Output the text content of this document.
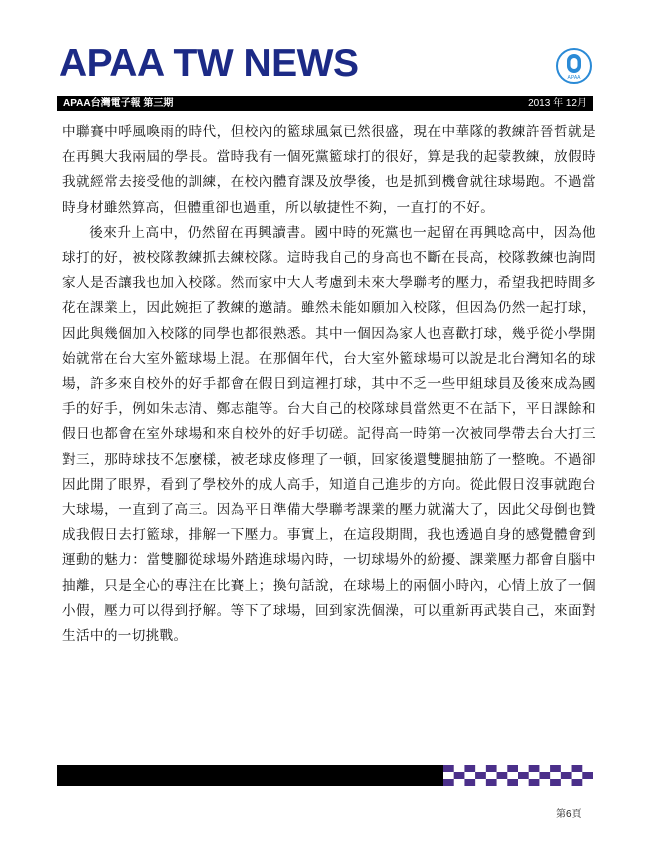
APAA TW NEWS	APAA
APAA台灣電子報 第三期	2013 年 12月

中聯賽中呼風喚雨的時代，但校內的籃球風氣已然很盛，現在中華隊的教練許晉哲就是在再興大我兩屆的學長。當時我有一個死黨籃球打的很好，算是我的起蒙教練，放假時我就經常去接受他的訓練，在校內體育課及放學後，也是抓到機會就往球場跑。不過當時身材雖然算高，但體重卻也過重，所以敏捷性不夠，一直打的不好。

後來升上高中，仍然留在再興讀書。國中時的死黨也一起留在再興唸高中，因為他球打的好，被校隊教練抓去練校隊。這時我自己的身高也不斷在長高，校隊教練也詢問家人是否讓我也加入校隊。然而家中大人考慮到未來大學聯考的壓力，希望我把時間多花在課業上，因此婉拒了教練的邀請。雖然未能如願加入校隊，但因為仍然一起打球，因此與幾個加入校隊的同學也都很熟悉。其中一個因為家人也喜歡打球，幾乎從小學開始就常在台大室外籃球場上混。在那個年代，台大室外籃球場可以說是北台灣知名的球場，許多來自校外的好手都會在假日到這裡打球，其中不乏一些甲組球員及後來成為國手的好手，例如朱志清、鄭志龍等。台大自己的校隊球員當然更不在話下，平日課餘和假日也都會在室外球場和來自校外的好手切磋。記得高一時第一次被同學帶去台大打三對三，那時球技不怎麼樣，被老球皮修理了一頓，回家後還雙腿抽筋了一整晚。不過卻因此開了眼界，看到了學校外的成人高手，知道自己進步的方向。從此假日沒事就跑台大球場，一直到了高三。因為平日準備大學聯考課業的壓力就滿大了，因此父母倒也贊成我假日去打籃球，排解一下壓力。事實上，在這段期間，我也透過自身的感覺體會到運動的魅力：當雙腳從球場外踏進球場內時，一切球場外的紛擾、課業壓力都會自腦中抽離，只是全心的專注在比賽上；換句話說，在球場上的兩個小時內，心情上放了一個小假，壓力可以得到抒解。等下了球場，回到家洗個澡，可以重新再武裝自己，來面對生活中的一切挑戰。

第6頁
